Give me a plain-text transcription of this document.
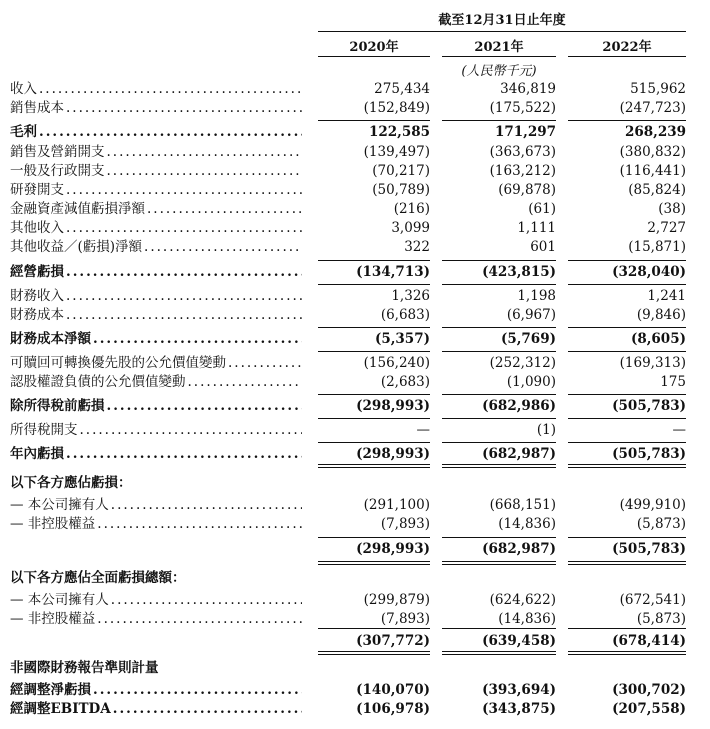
截至12月31日止年度
2020年	2021年	2022年
(人民幣千元)
收入 .....	275,434	346,819	515,962
銷售成本 .....	(152,849)	(175,522)	(247,723)
毛利 .....	122,585	171,297	268,239
銷售及營銷開支 .....	(139,497)	(363,673)	(380,832)
一般及行政開支 .....	(70,217)	(163,212)	(116,441)
研發開支 .....	(50,789)	(69,878)	(85,824)
金融資產減值虧損淨額 .....	(216)	(61)	(38)
其他收入 .....	3,099	1,111	2,727
其他收益／(虧損)淨額 .....	322	601	(15,871)
經營虧損 .....	(134,713)	(423,815)	(328,040)
財務收入 .....	1,326	1,198	1,241
財務成本 .....	(6,683)	(6,967)	(9,846)
財務成本淨額 .....	(5,357)	(5,769)	(8,605)
可贖回可轉換優先股的公允價值變動 .....	(156,240)	(252,312)	(169,313)
認股權證負債的公允價值變動 .....	(2,683)	(1,090)	175
除所得稅前虧損 .....	(298,993)	(682,986)	(505,783)
所得稅開支 .....	—	(1)	—
年內虧損 .....	(298,993)	(682,987)	(505,783)
以下各方應佔虧損：
— 本公司擁有人 .....	(291,100)	(668,151)	(499,910)
— 非控股權益 .....	(7,893)	(14,836)	(5,873)
(298,993)	(682,987)	(505,783)
以下各方應佔全面虧損總額：
— 本公司擁有人 .....	(299,879)	(624,622)	(672,541)
— 非控股權益 .....	(7,893)	(14,836)	(5,873)
(307,772)	(639,458)	(678,414)
非國際財務報告準則計量
經調整淨虧損 .....	(140,070)	(393,694)	(300,702)
經調整EBITDA .....	(106,978)	(343,875)	(207,558)
